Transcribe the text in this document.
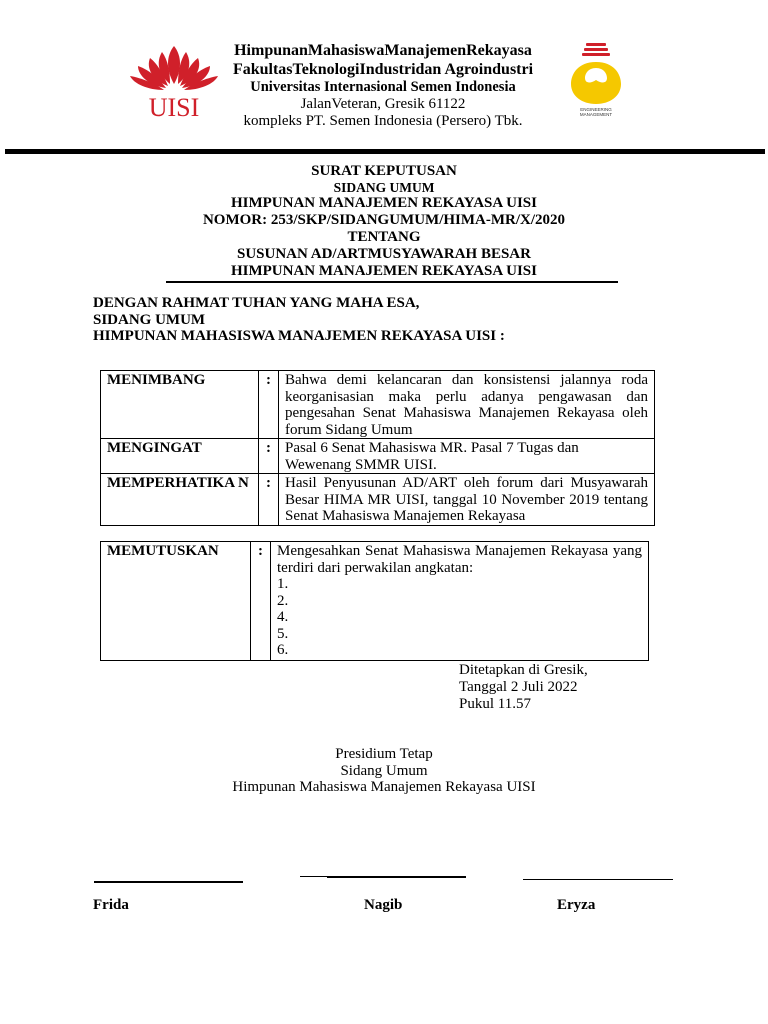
UISI
HimpunanMahasiswaManajemenRekayasa
FakultasTeknologiIndustridan Agroindustri
Universitas Internasional Semen Indonesia
JalanVeteran, Gresik 61122
kompleks PT. Semen Indonesia (Persero) Tbk.
ENGINEERING
MANAGEMENT
SURAT KEPUTUSAN
SIDANG UMUM
HIMPUNAN MANAJEMEN REKAYASA UISI
NOMOR: 253/SKP/SIDANGUMUM/HIMA-MR/X/2020
TENTANG
SUSUNAN AD/ARTMUSYAWARAH BESAR
HIMPUNAN MANAJEMEN REKAYASA UISI
DENGAN RAHMAT TUHAN YANG MAHA ESA,
SIDANG UMUM
HIMPUNAN MAHASISWA MANAJEMEN REKAYASA UISI :
MENIMBANG	:	Bahwa demi kelancaran dan konsistensi jalannya roda keorganisasian maka perlu adanya pengawasan dan pengesahan Senat Mahasiswa Manajemen Rekayasa oleh forum Sidang Umum
MENGINGAT	:	Pasal 6 Senat Mahasiswa MR. Pasal 7 Tugas dan Wewenang SMMR UISI.
MEMPERHATIKA N	:	Hasil Penyusunan AD/ART oleh forum dari Musyawarah Besar HIMA MR UISI, tanggal 10 November 2019 tentang Senat Mahasiswa Manajemen Rekayasa
MEMUTUSKAN	:	Mengesahkan Senat Mahasiswa Manajemen Rekayasa yang terdiri dari perwakilan angkatan:
1.
2.
4.
5.
6.
Ditetapkan di Gresik,
Tanggal 2 Juli 2022
Pukul 11.57
Presidium Tetap
Sidang Umum
Himpunan Mahasiswa Manajemen Rekayasa UISI
Frida	Nagib	Eryza
